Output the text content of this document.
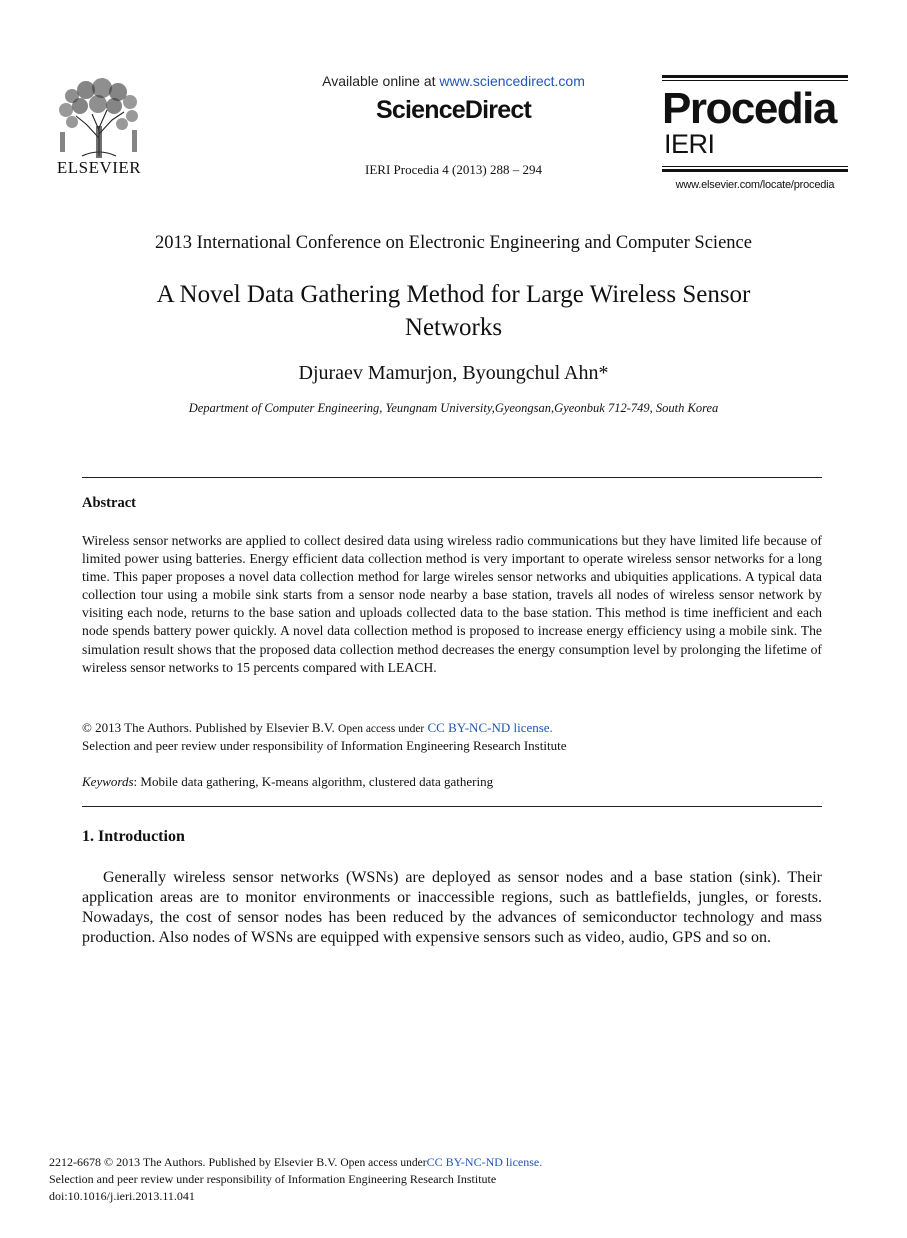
ELSEVIER
Available online at www.sciencedirect.com
ScienceDirect
IERI Procedia 4 (2013) 288 – 294
Procedia
IERI
www.elsevier.com/locate/procedia
2013 International Conference on Electronic Engineering and Computer Science
A Novel Data Gathering Method for Large Wireless Sensor
Networks
Djuraev Mamurjon, Byoungchul Ahn*
Department of Computer Engineering, Yeungnam University,Gyeongsan,Gyeonbuk 712-749, South Korea
Abstract
Wireless sensor networks are applied to collect desired data using wireless radio communications but they have limited life because of limited power using batteries. Energy efficient data collection method is very important to operate wireless sensor networks for a long time. This paper proposes a novel data collection method for large wireles sensor networks and ubiquities applications. A typical data collection tour using a mobile sink starts from a sensor node nearby a base station, travels all nodes of wireless sensor network by visiting each node, returns to the base sation and uploads collected data to the base station. This method is time inefficient and each node spends battery power quickly. A novel data collection method is proposed to increase energy efficiency using a mobile sink. The simulation result shows that the proposed data collection method decreases the energy consumption level by prolonging the lifetime of wireless sensor networks to 15 percents compared with LEACH.
© 2013 The Authors. Published by Elsevier B.V. Open access under CC BY-NC-ND license.
Selection and peer review under responsibility of Information Engineering Research Institute
Keywords: Mobile data gathering, K-means algorithm, clustered data gathering
1. Introduction
Generally wireless sensor networks (WSNs) are deployed as sensor nodes and a base station (sink). Their application areas are to monitor environments or inaccessible regions, such as battlefields, jungles, or forests. Nowadays, the cost of sensor nodes has been reduced by the advances of semiconductor technology and mass production. Also nodes of WSNs are equipped with expensive sensors such as video, audio, GPS and so on.
2212-6678 © 2013 The Authors. Published by Elsevier B.V. Open access underCC BY-NC-ND license.
Selection and peer review under responsibility of Information Engineering Research Institute
doi:10.1016/j.ieri.2013.11.041
